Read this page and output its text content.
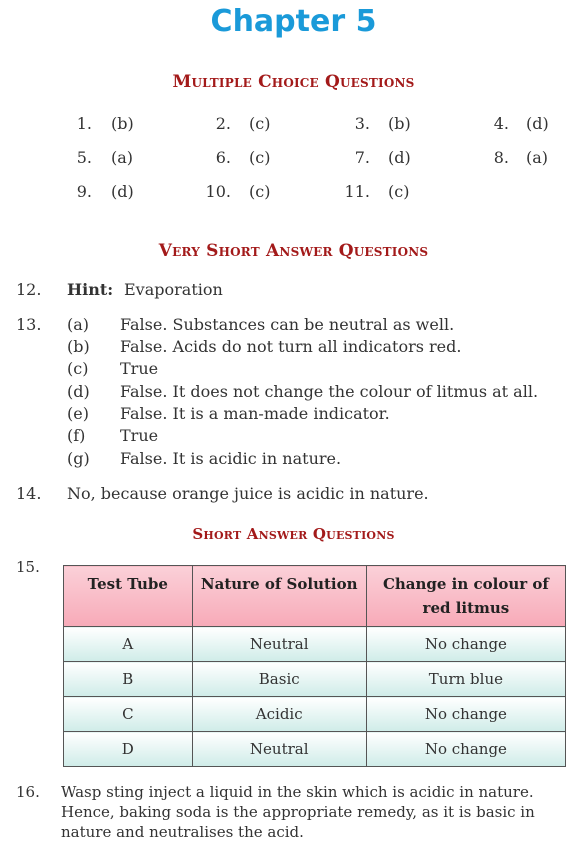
Chapter 5
Multiple Choice Questions
1. (b)	2. (c)	3. (b)	4. (d)
5. (a)	6. (c)	7. (d)	8. (a)
9. (d)	10. (c)	11. (c)
Very Short Answer Questions
12. Hint: Evaporation
13. (a) False. Substances can be neutral as well.
(b) False. Acids do not turn all indicators red.
(c) True
(d) False. It does not change the colour of litmus at all.
(e) False. It is a man-made indicator.
(f) True
(g) False. It is acidic in nature.
14. No, because orange juice is acidic in nature.
Short Answer Questions
15.
Test Tube	Nature of Solution	Change in colour of red litmus
A	Neutral	No change
B	Basic	Turn blue
C	Acidic	No change
D	Neutral	No change
16. Wasp sting inject a liquid in the skin which is acidic in nature.
Hence, baking soda is the appropriate remedy, as it is basic in
nature and neutralises the acid.
